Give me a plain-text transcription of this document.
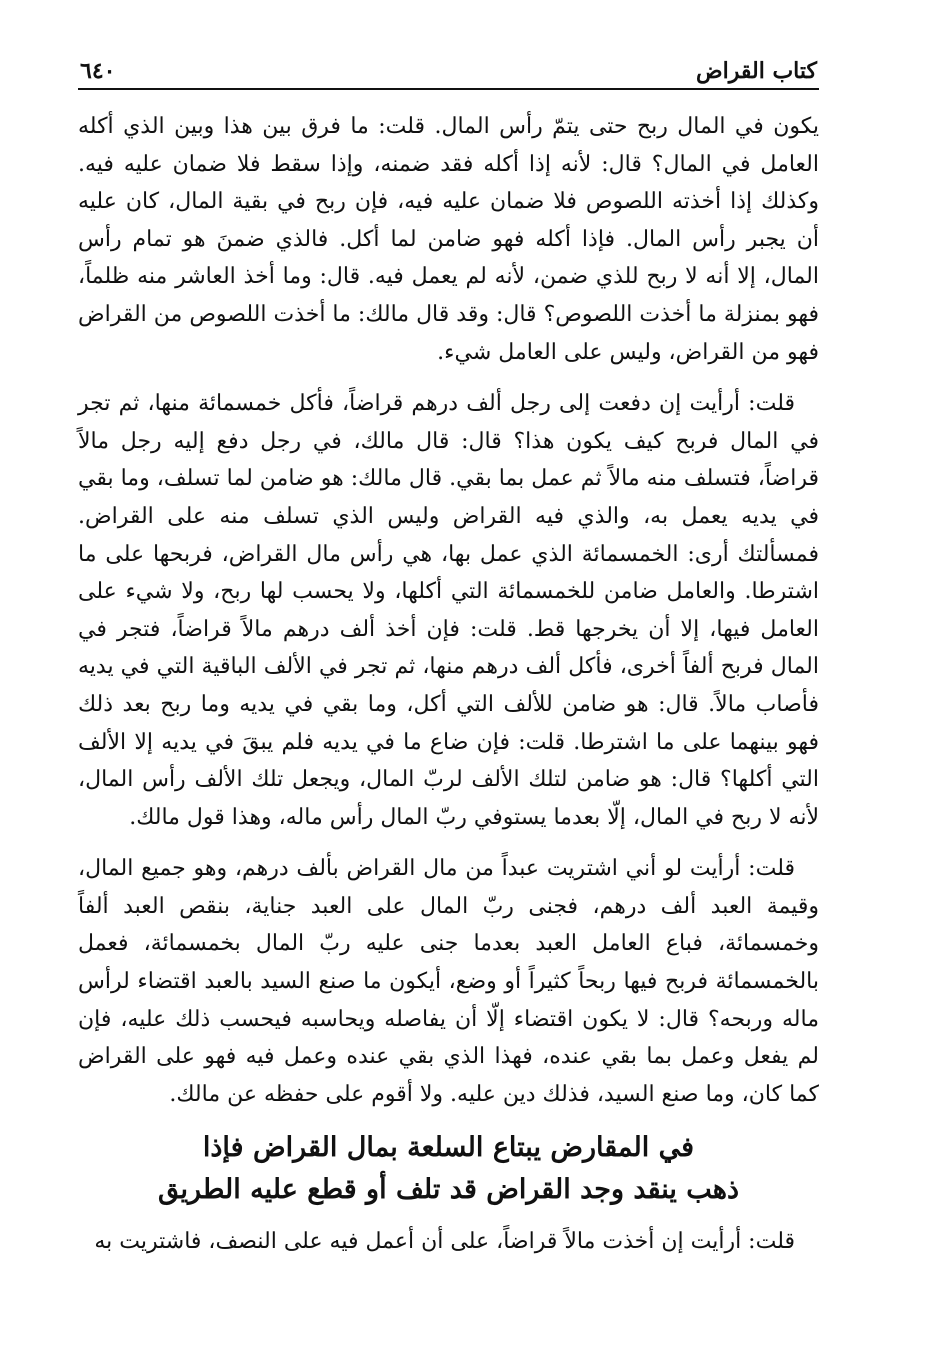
كتاب القراض
٦٤٠

يكون في المال ربح حتى يتمّ رأس المال. قلت: ما فرق بين هذا وبين الذي أكله العامل في المال؟ قال: لأنه إذا أكله فقد ضمنه، وإذا سقط فلا ضمان عليه فيه. وكذلك إذا أخذته اللصوص فلا ضمان عليه فيه، فإن ربح في بقية المال، كان عليه أن يجبر رأس المال. فإذا أكله فهو ضامن لما أكل. فالذي ضمنَ هو تمام رأس المال، إلا أنه لا ربح للذي ضمن، لأنه لم يعمل فيه. قال: وما أخذ العاشر منه ظلماً، فهو بمنزلة ما أخذت اللصوص؟ قال: وقد قال مالك: ما أخذت اللصوص من القراض فهو من القراض، وليس على العامل شيء.

قلت: أرأيت إن دفعت إلى رجل ألف درهم قراضاً، فأكل خمسمائة منها، ثم تجر في المال فربح كيف يكون هذا؟ قال: قال مالك، في رجل دفع إليه رجل مالاً قراضاً، فتسلف منه مالاً ثم عمل بما بقي. قال مالك: هو ضامن لما تسلف، وما بقي في يديه يعمل به، والذي فيه القراض وليس الذي تسلف منه على القراض. فمسألتك أرى: الخمسمائة الذي عمل بها، هي رأس مال القراض، فربحها على ما اشترطا. والعامل ضامن للخمسمائة التي أكلها، ولا يحسب لها ربح، ولا شيء على العامل فيها، إلا أن يخرجها قط. قلت: فإن أخذ ألف درهم مالاً قراضاً، فتجر في المال فربح ألفاً أخرى، فأكل ألف درهم منها، ثم تجر في الألف الباقية التي في يديه فأصاب مالاً. قال: هو ضامن للألف التي أكل، وما بقي في يديه وما ربح بعد ذلك فهو بينهما على ما اشترطا. قلت: فإن ضاع ما في يديه فلم يبقَ في يديه إلا الألف التي أكلها؟ قال: هو ضامن لتلك الألف لربّ المال، ويجعل تلك الألف رأس المال، لأنه لا ربح في المال، إلّا بعدما يستوفي ربّ المال رأس ماله، وهذا قول مالك.

قلت: أرأيت لو أني اشتريت عبداً من مال القراض بألف درهم، وهو جميع المال، وقيمة العبد ألف درهم، فجنى ربّ المال على العبد جناية، بنقص العبد ألفاً وخمسمائة، فباع العامل العبد بعدما جنى عليه ربّ المال بخمسمائة، فعمل بالخمسمائة فربح فيها ربحاً كثيراً أو وضع، أيكون ما صنع السيد بالعبد اقتضاء لرأس ماله وربحه؟ قال: لا يكون اقتضاء إلّا أن يفاصله ويحاسبه فيحسب ذلك عليه، فإن لم يفعل وعمل بما بقي عنده، فهذا الذي بقي عنده وعمل فيه فهو على القراض كما كان، وما صنع السيد، فذلك دين عليه. ولا أقوم على حفظه عن مالك.

في المقارض يبتاع السلعة بمال القراض فإذا
ذهب ينقد وجد القراض قد تلف أو قطع عليه الطريق

قلت: أرأيت إن أخذت مالاً قراضاً، على أن أعمل فيه على النصف، فاشتريت به
